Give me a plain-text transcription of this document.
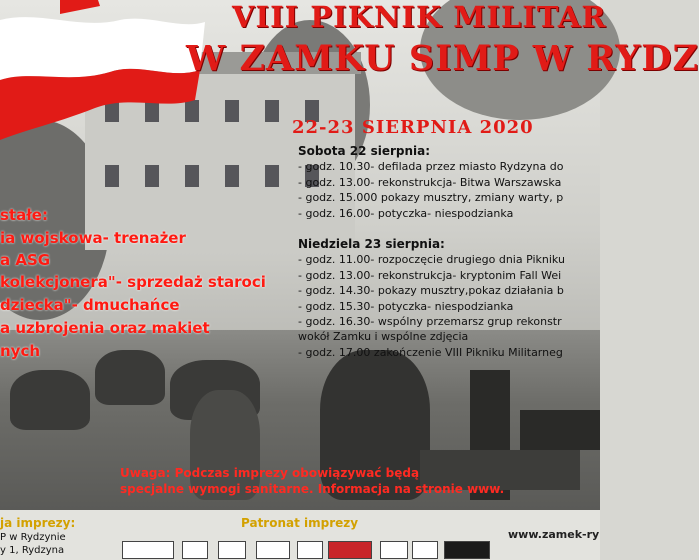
VIII PIKNIK MILITAR
W ZAMKU SIMP W RYDZ
22-23 SIERPNIA 2020
Sobota 22 sierpnia:
- godz. 10.30- defilada przez miasto Rydzyna do
- godz. 13.00- rekonstrukcja- Bitwa Warszawska
- godz. 15.000 pokazy musztry, zmiany warty, p
- godz. 16.00- potyczka- niespodzianka
Niedziela 23 sierpnia:
- godz. 11.00- rozpoczęcie drugiego dnia Pikniku
- godz. 13.00- rekonstrukcja- kryptonim Fall Wei
- godz. 14.30- pokazy musztry,pokaz działania b
- godz. 15.30- potyczka- niespodzianka
- godz. 16.30- wspólny przemarsz grup rekonstr
wokół Zamku i wspólne zdjęcia
- godz. 17.00 zakończenie VIII Pikniku Militarneg
stałe:
ia wojskowa- trenażer
a ASG
kolekcjonera"- sprzedaż staroci
dziecka"- dmuchańce
a uzbrojenia oraz makiet
nych
Uwaga: Podczas imprezy obowiązywać będą
specjalne wymogi sanitarne. Informacja na stronie www.
ja imprezy:
P w Rydzynie
y 1, Rydzyna
Patronat imprezy
www.zamek-ry
